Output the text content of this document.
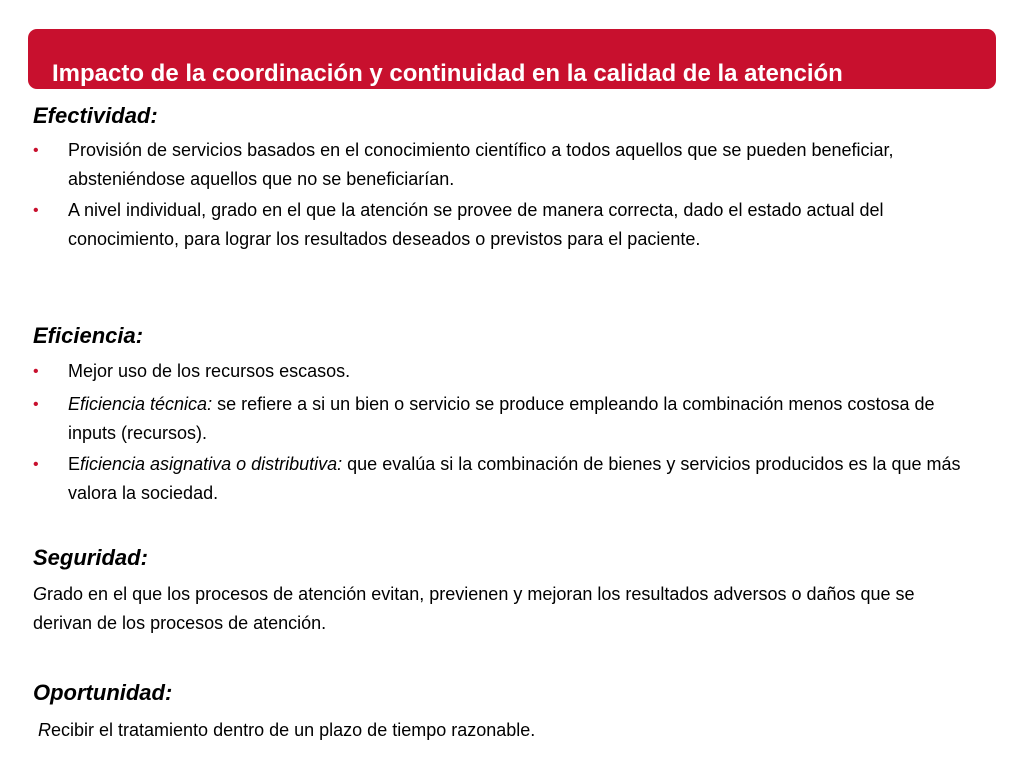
Impacto de la coordinación y continuidad en la calidad de la atención
Efectividad:
• Provisión de servicios basados en el conocimiento científico a todos aquellos que se pueden beneficiar, absteniéndose aquellos que no se beneficiarían.
• A nivel individual, grado en el que la atención se provee de manera correcta, dado el estado actual del conocimiento, para lograr los resultados deseados o previstos para el paciente.
Eficiencia:
• Mejor uso de los recursos escasos.
• Eficiencia técnica: se refiere a si un bien o servicio se produce empleando la combinación menos costosa de inputs (recursos).
• Eficiencia asignativa o distributiva: que evalúa si la combinación de bienes y servicios producidos es la que más valora la sociedad.
Seguridad:
Grado en el que los procesos de atención evitan, previenen y mejoran los resultados adversos o daños que se derivan de los procesos de atención.
Oportunidad:
Recibir el tratamiento dentro de un plazo de tiempo razonable.
